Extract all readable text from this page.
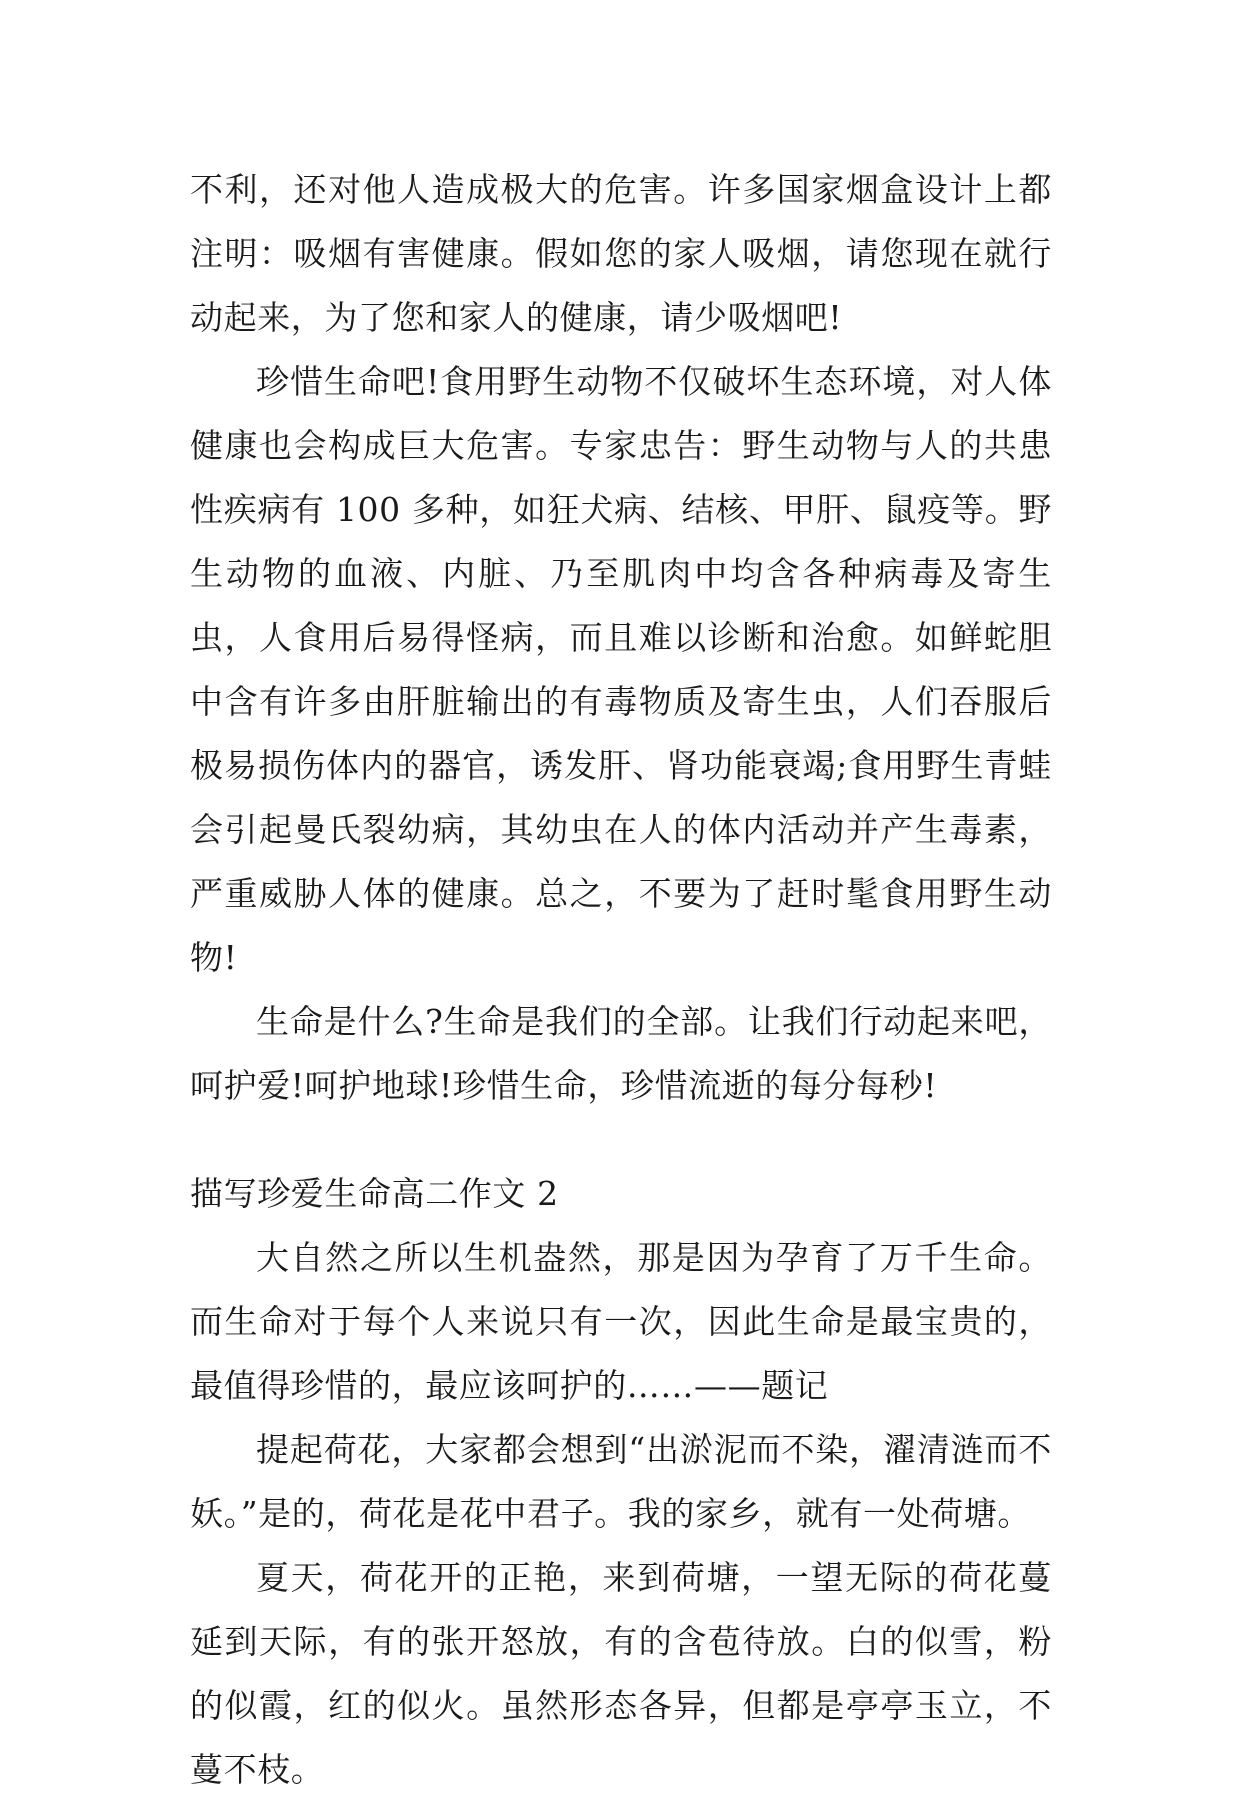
不利，还对他人造成极大的危害。许多国家烟盒设计上都注明：吸烟有害健康。假如您的家人吸烟，请您现在就行动起来，为了您和家人的健康，请少吸烟吧!

珍惜生命吧!食用野生动物不仅破坏生态环境，对人体健康也会构成巨大危害。专家忠告：野生动物与人的共患性疾病有 100 多种，如狂犬病、结核、甲肝、鼠疫等。野生动物的血液、内脏、乃至肌肉中均含各种病毒及寄生虫，人食用后易得怪病，而且难以诊断和治愈。如鲜蛇胆中含有许多由肝脏输出的有毒物质及寄生虫，人们吞服后极易损伤体内的器官，诱发肝、肾功能衰竭;食用野生青蛙会引起曼氏裂幼病，其幼虫在人的体内活动并产生毒素，严重威胁人体的健康。总之，不要为了赶时髦食用野生动物!

生命是什么?生命是我们的全部。让我们行动起来吧，呵护爱!呵护地球!珍惜生命，珍惜流逝的每分每秒!

描写珍爱生命高二作文 2

大自然之所以生机盎然，那是因为孕育了万千生命。而生命对于每个人来说只有一次，因此生命是最宝贵的，最值得珍惜的，最应该呵护的……——题记

提起荷花，大家都会想到“出淤泥而不染，濯清涟而不妖。”是的，荷花是花中君子。我的家乡，就有一处荷塘。

夏天，荷花开的正艳，来到荷塘，一望无际的荷花蔓延到天际，有的张开怒放，有的含苞待放。白的似雪，粉的似霞，红的似火。虽然形态各异，但都是亭亭玉立，不蔓不枝。
